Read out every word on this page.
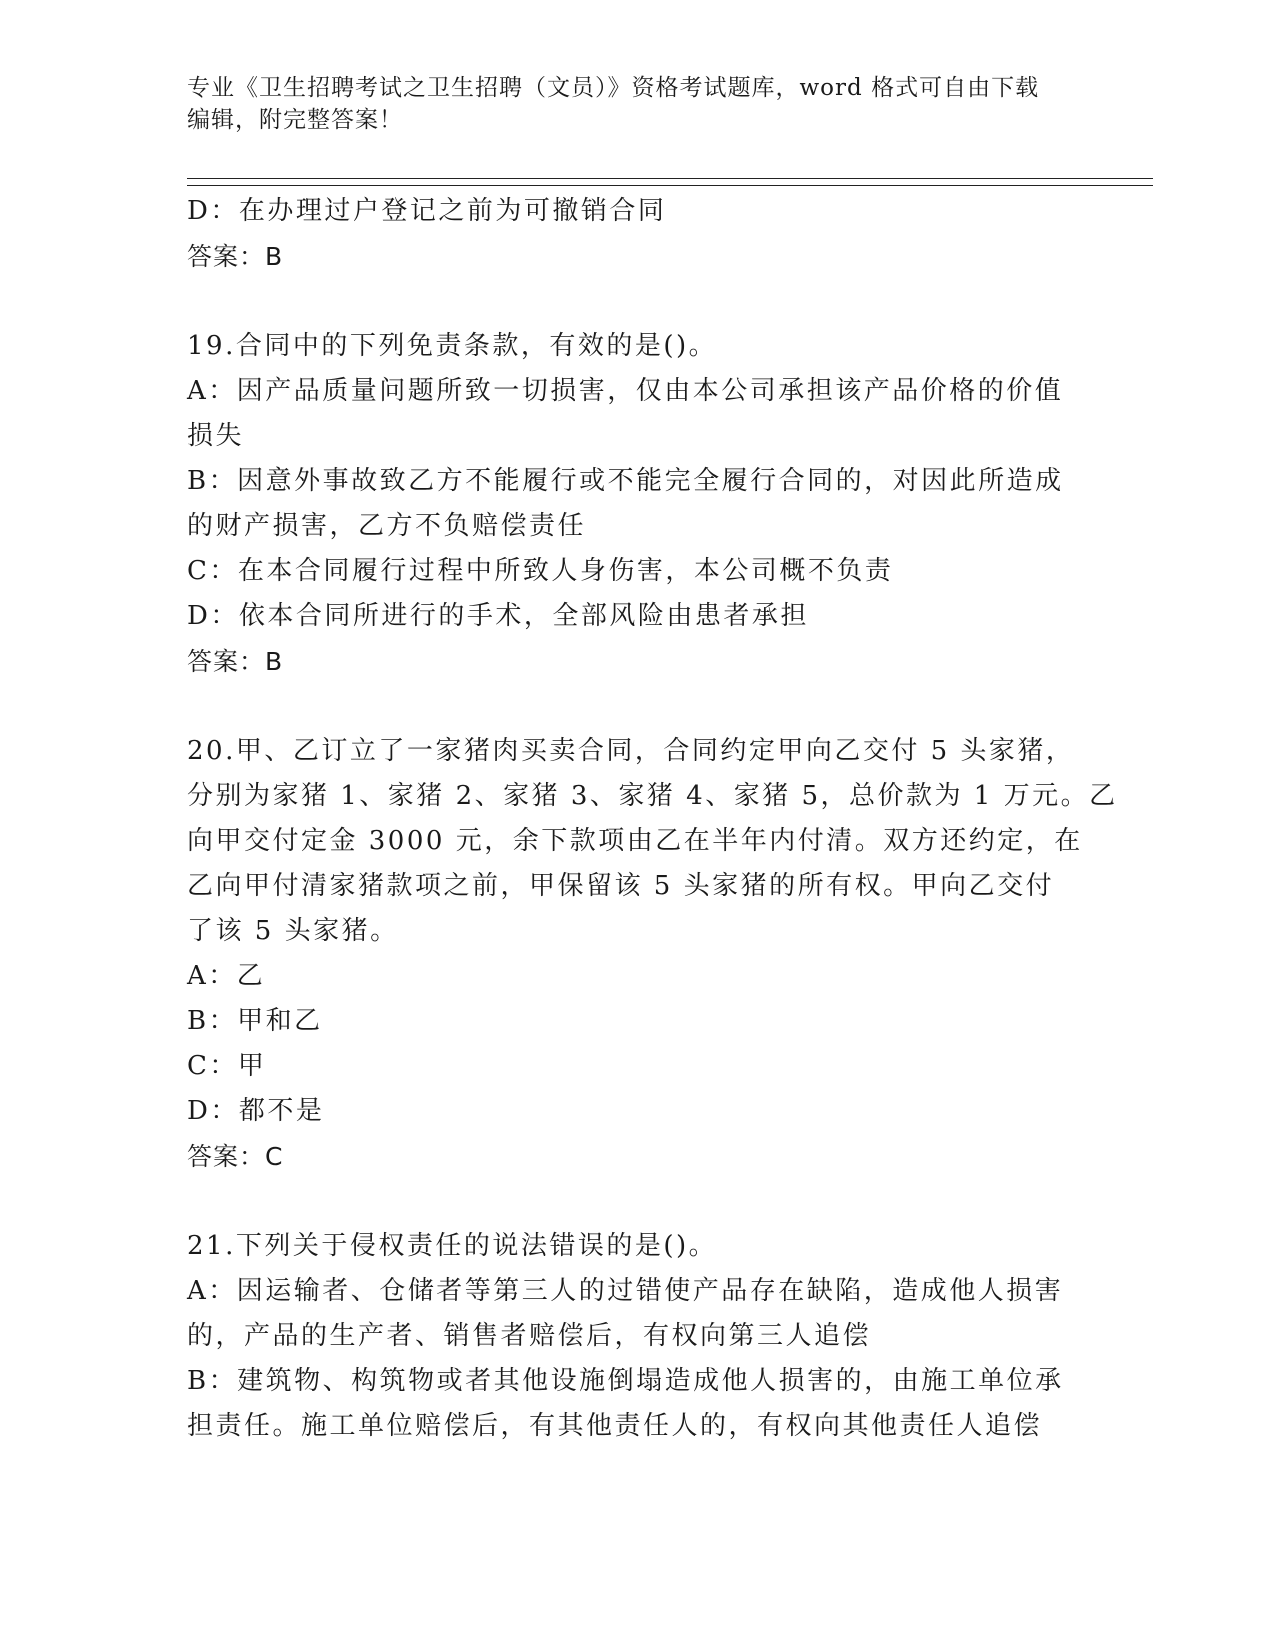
专业《卫生招聘考试之卫生招聘（文员）》资格考试题库，word 格式可自由下载
编辑，附完整答案！
D：在办理过户登记之前为可撤销合同
答案：B
19.合同中的下列免责条款，有效的是()。
A：因产品质量问题所致一切损害，仅由本公司承担该产品价格的价值
损失
B：因意外事故致乙方不能履行或不能完全履行合同的，对因此所造成
的财产损害，乙方不负赔偿责任
C：在本合同履行过程中所致人身伤害，本公司概不负责
D：依本合同所进行的手术，全部风险由患者承担
答案：B
20.甲、乙订立了一家猪肉买卖合同，合同约定甲向乙交付 5 头家猪，
分别为家猪 1、家猪 2、家猪 3、家猪 4、家猪 5，总价款为 1 万元。乙
向甲交付定金 3000 元，余下款项由乙在半年内付清。双方还约定，在
乙向甲付清家猪款项之前，甲保留该 5 头家猪的所有权。甲向乙交付
了该 5 头家猪。
A：乙
B：甲和乙
C：甲
D：都不是
答案：C
21.下列关于侵权责任的说法错误的是()。
A：因运输者、仓储者等第三人的过错使产品存在缺陷，造成他人损害
的，产品的生产者、销售者赔偿后，有权向第三人追偿
B：建筑物、构筑物或者其他设施倒塌造成他人损害的，由施工单位承
担责任。施工单位赔偿后，有其他责任人的，有权向其他责任人追偿
